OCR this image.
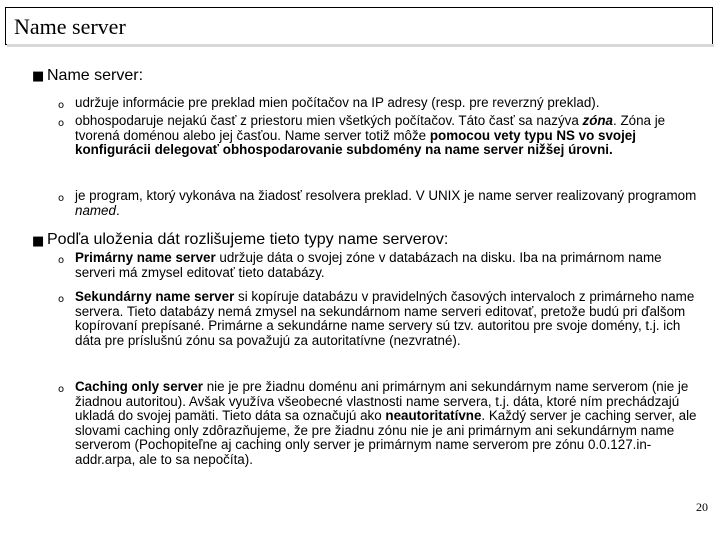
Name server
■ Name server:
o udržuje informácie pre preklad mien počítačov na IP adresy (resp. pre reverzný preklad).
o obhospodaruje nejakú časť z priestoru mien všetkých počítačov. Táto časť sa nazýva zóna. Zóna je tvorená doménou alebo jej časťou. Name server totiž môže pomocou vety typu NS vo svojej konfigurácii delegovať obhospodarovanie subdomény na name server nižšej úrovni.
o je program, ktorý vykonáva na žiadosť resolvera preklad. V UNIX je name server realizovaný programom named.
■ Podľa uloženia dát rozlišujeme tieto typy name serverov:
o Primárny name server udržuje dáta o svojej zóne v databázach na disku. Iba na primárnom name serveri má zmysel editovať tieto databázy.
o Sekundárny name server si kopíruje databázu v pravidelných časových intervaloch z primárneho name servera. Tieto databázy nemá zmysel na sekundárnom name serveri editovať, pretože budú pri ďalšom kopírovaní prepísané. Primárne a sekundárne name servery sú tzv. autoritou pre svoje domény, t.j. ich dáta pre príslušnú zónu sa považujú za autoritatívne (nezvratné).
o Caching only server nie je pre žiadnu doménu ani primárnym ani sekundárnym name serverom (nie je žiadnou autoritou). Avšak využíva všeobecné vlastnosti name servera, t.j. dáta, ktoré ním prechádzajú ukladá do svojej pamäti. Tieto dáta sa označujú ako neautoritatívne. Každý server je caching server, ale slovami caching only zdôrazňujeme, že pre žiadnu zónu nie je ani primárnym ani sekundárnym name serverom (Pochopiteľne aj caching only server je primárnym name serverom pre zónu 0.0.127.in-addr.arpa, ale to sa nepočíta).
20
